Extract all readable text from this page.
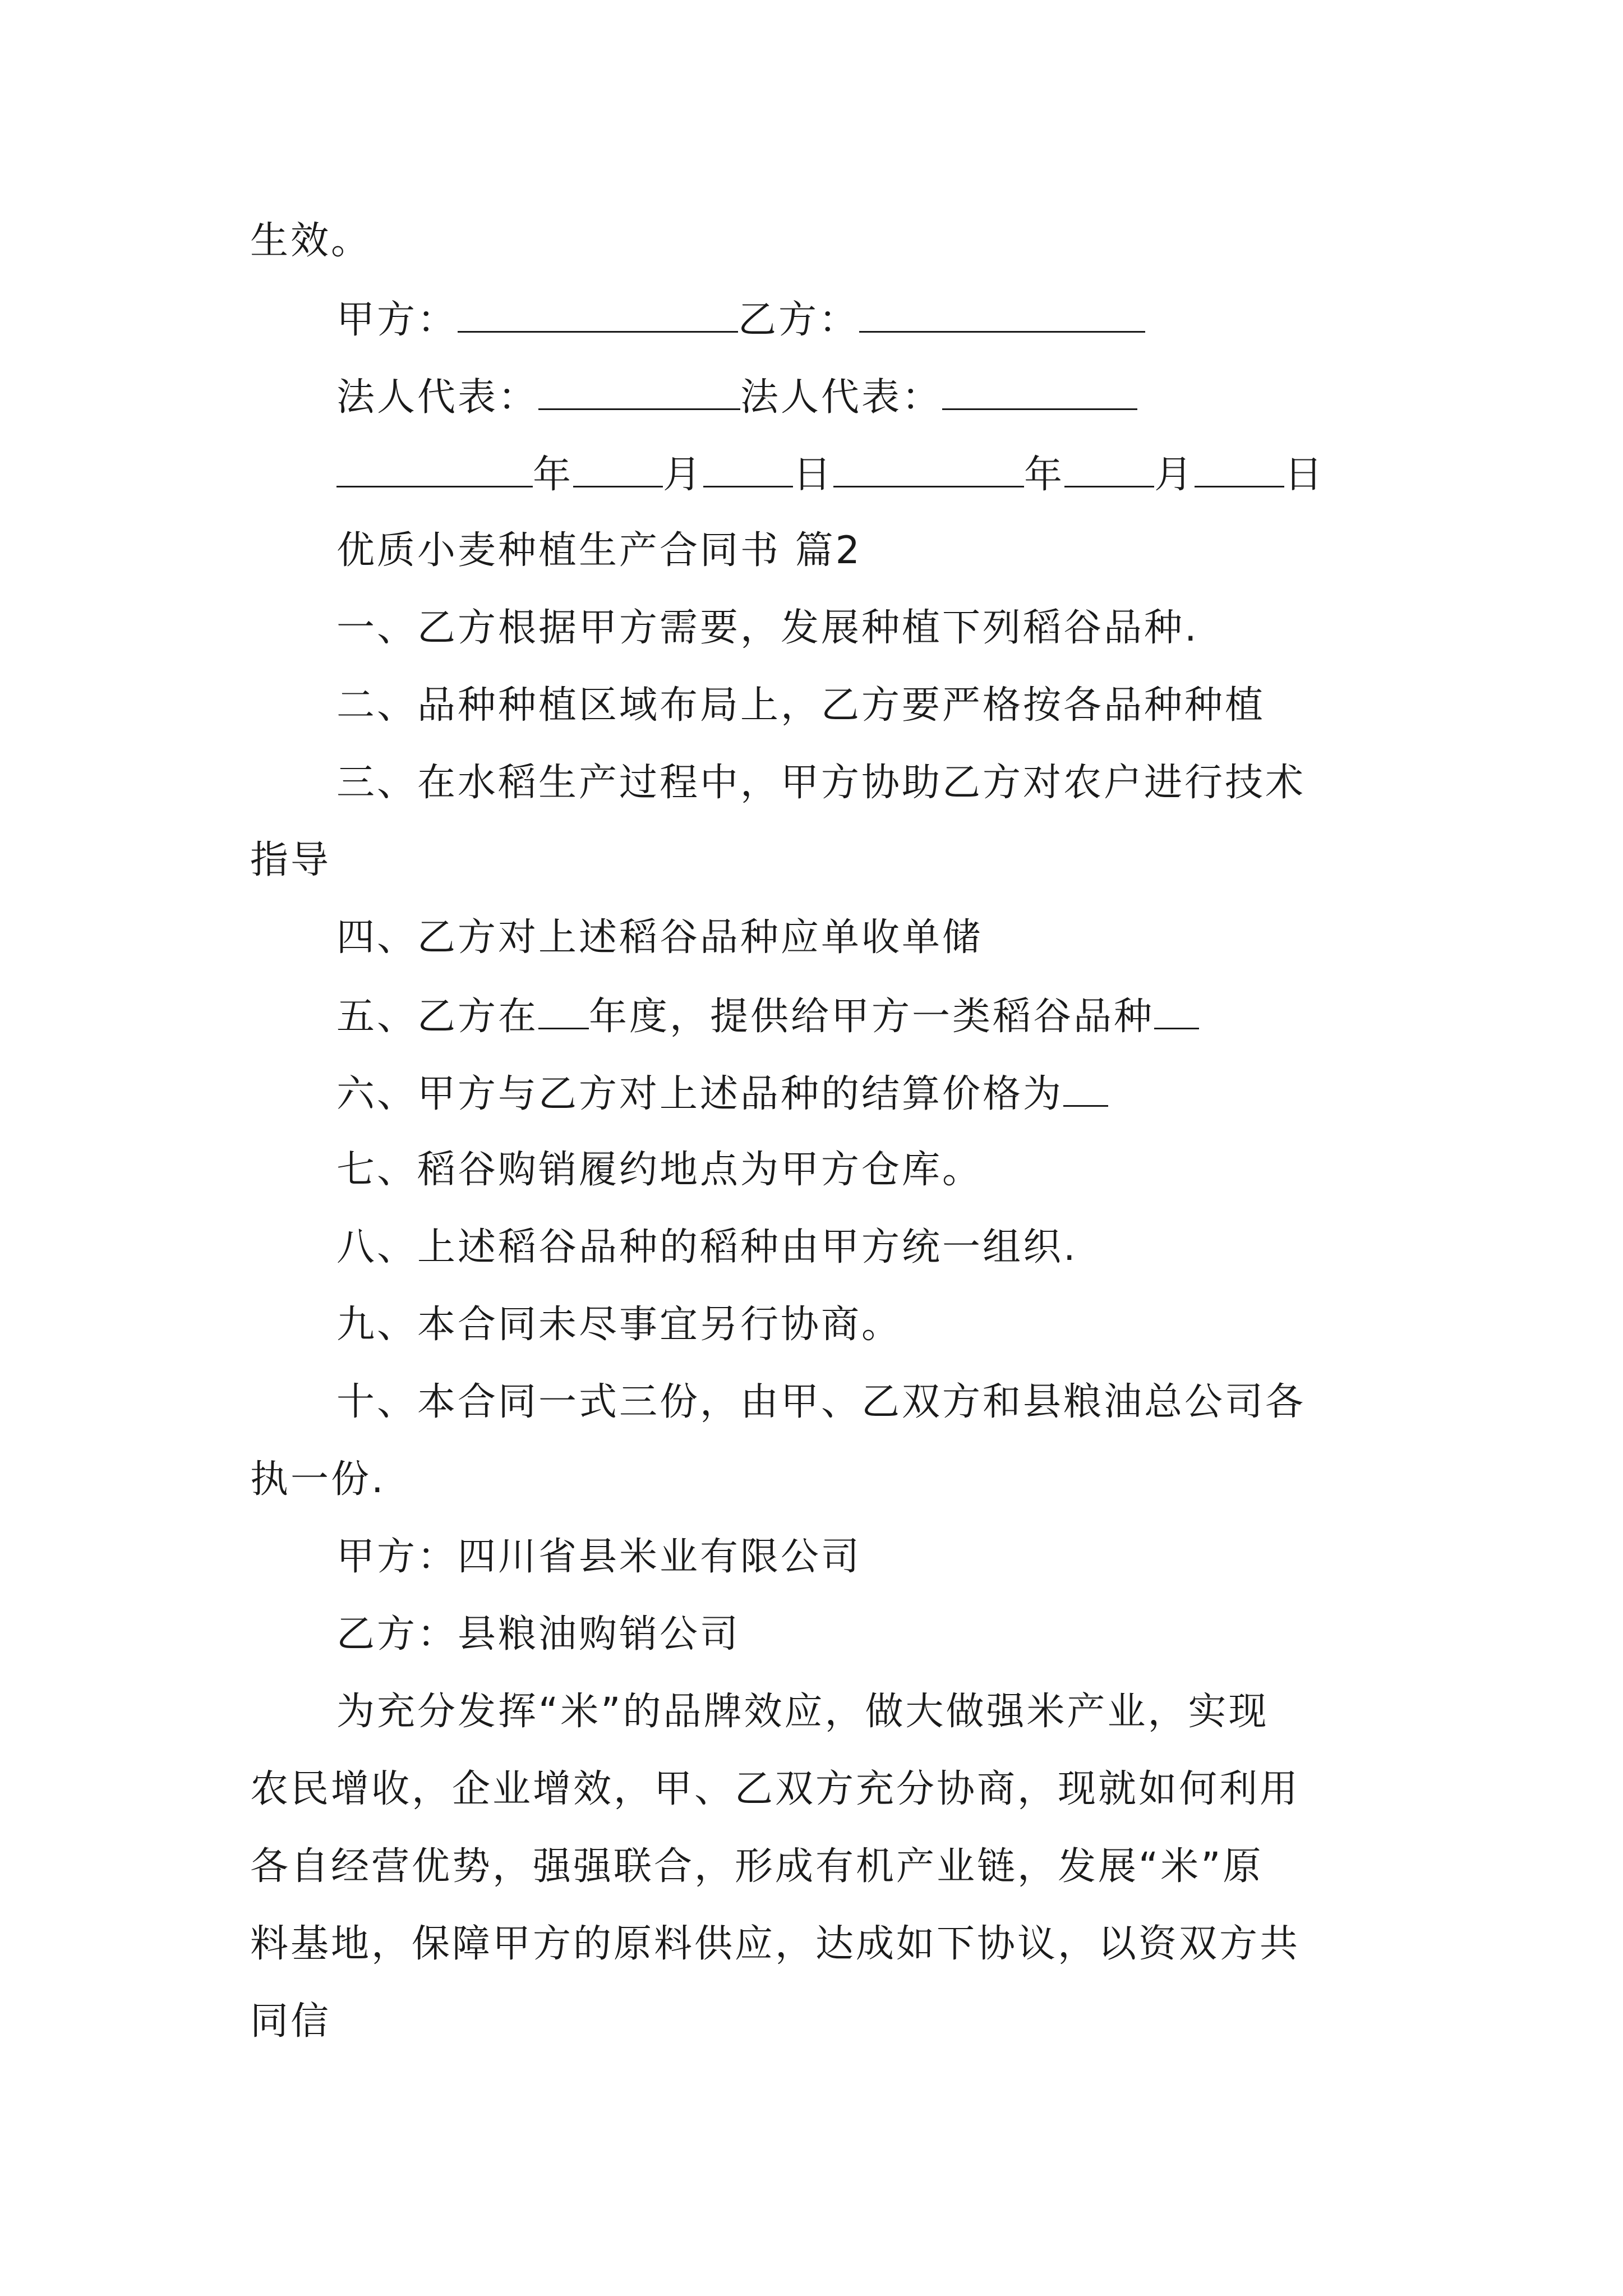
生效。
甲方：	乙方：
法人代表：	法人代表：
年 月 日	年 月 日
优质小麦种植生产合同书 篇2
一、乙方根据甲方需要，发展种植下列稻谷品种.
二、品种种植区域布局上，乙方要严格按各品种种植
三、在水稻生产过程中，甲方协助乙方对农户进行技术
指导
四、乙方对上述稻谷品种应单收单储
五、乙方在 年度，提供给甲方一类稻谷品种
六、甲方与乙方对上述品种的结算价格为
七、稻谷购销履约地点为甲方仓库。
八、上述稻谷品种的稻种由甲方统一组织.
九、本合同未尽事宜另行协商。
十、本合同一式三份，由甲、乙双方和县粮油总公司各
执一份.
甲方：四川省县米业有限公司
乙方：县粮油购销公司
为充分发挥“米”的品牌效应，做大做强米产业，实现
农民增收，企业增效，甲、乙双方充分协商，现就如何利用
各自经营优势，强强联合，形成有机产业链，发展“米”原
料基地，保障甲方的原料供应，达成如下协议，以资双方共
同信
